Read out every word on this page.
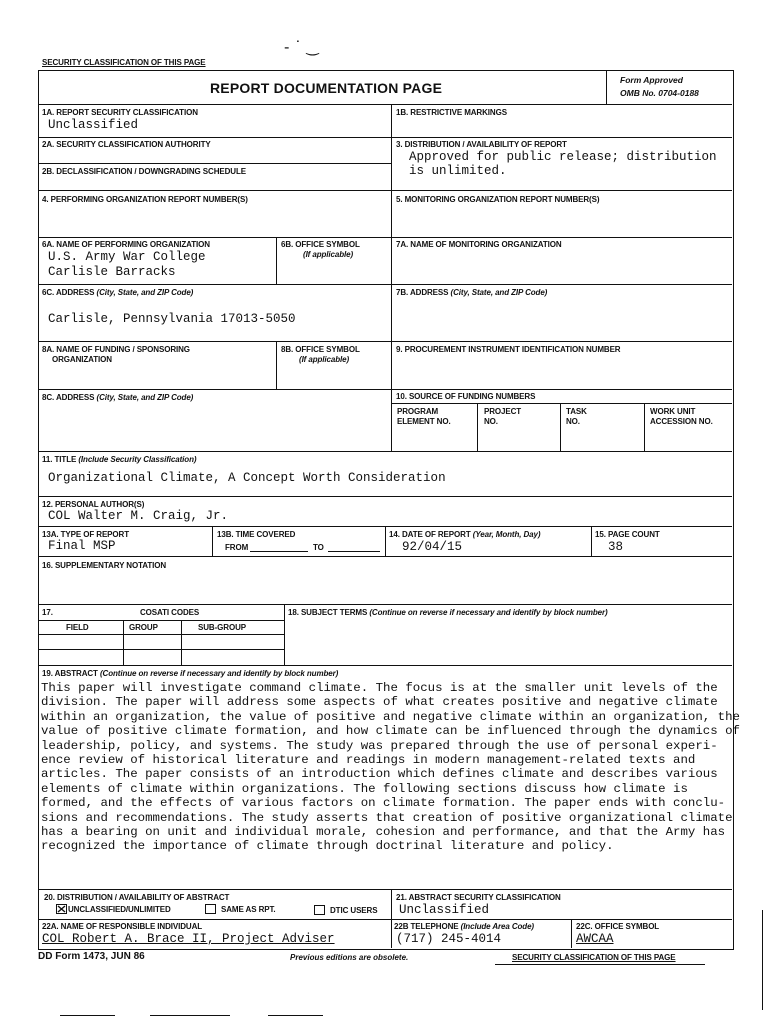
- ˙ ‿
SECURITY CLASSIFICATION OF THIS PAGE
REPORT DOCUMENTATION PAGE	Form Approved
OMB No. 0704-0188
1A. REPORT SECURITY CLASSIFICATION
Unclassified
1B. RESTRICTIVE MARKINGS
2A. SECURITY CLASSIFICATION AUTHORITY
2B. DECLASSIFICATION / DOWNGRADING SCHEDULE
3. DISTRIBUTION / AVAILABILITY OF REPORT
Approved for public release; distribution
is unlimited.
4. PERFORMING ORGANIZATION REPORT NUMBER(S)	5. MONITORING ORGANIZATION REPORT NUMBER(S)
6A. NAME OF PERFORMING ORGANIZATION
U.S. Army War College
Carlisle Barracks
6B. OFFICE SYMBOL
(If applicable)
7A. NAME OF MONITORING ORGANIZATION
6C. ADDRESS (City, State, and ZIP Code)
Carlisle, Pennsylvania 17013-5050
7B. ADDRESS (City, State, and ZIP Code)
8A. NAME OF FUNDING / SPONSORING
ORGANIZATION
8B. OFFICE SYMBOL
(If applicable)
9. PROCUREMENT INSTRUMENT IDENTIFICATION NUMBER
8C. ADDRESS (City, State, and ZIP Code)	10. SOURCE OF FUNDING NUMBERS
PROGRAM
ELEMENT NO.
PROJECT
NO.
TASK
NO.
WORK UNIT
ACCESSION NO.
11. TITLE (Include Security Classification)
Organizational Climate, A Concept Worth Consideration
12. PERSONAL AUTHOR(S)
COL Walter M. Craig, Jr.
13A. TYPE OF REPORT
Final MSP
13B. TIME COVERED
FROM	TO
14. DATE OF REPORT (Year, Month, Day)
92/04/15
15. PAGE COUNT
38
16. SUPPLEMENTARY NOTATION
17.	COSATI CODES
FIELD	GROUP	SUB-GROUP
18. SUBJECT TERMS (Continue on reverse if necessary and identify by block number)
19. ABSTRACT (Continue on reverse if necessary and identify by block number)
This paper will investigate command climate. The focus is at the smaller unit levels of the
division. The paper will address some aspects of what creates positive and negative climate
within an organization, the value of positive and negative climate within an organization, the
value of positive climate formation, and how climate can be influenced through the dynamics of
leadership, policy, and systems. The study was prepared through the use of personal experi-
ence review of historical literature and readings in modern management-related texts and
articles. The paper consists of an introduction which defines climate and describes various
elements of climate within organizations. The following sections discuss how climate is
formed, and the effects of various factors on climate formation. The paper ends with conclu-
sions and recommendations. The study asserts that creation of positive organizational climate
has a bearing on unit and individual morale, cohesion and performance, and that the Army has
recognized the importance of climate through doctrinal literature and policy.
20. DISTRIBUTION / AVAILABILITY OF ABSTRACT
UNCLASSIFIED/UNLIMITED	SAME AS RPT.	DTIC USERS
21. ABSTRACT SECURITY CLASSIFICATION
Unclassified
22A. NAME OF RESPONSIBLE INDIVIDUAL
COL Robert A. Brace II, Project Adviser
22B TELEPHONE (Include Area Code)
(717) 245-4014
22C. OFFICE SYMBOL
AWCAA
DD Form 1473, JUN 86	Previous editions are obsolete.	SECURITY CLASSIFICATION OF THIS PAGE
